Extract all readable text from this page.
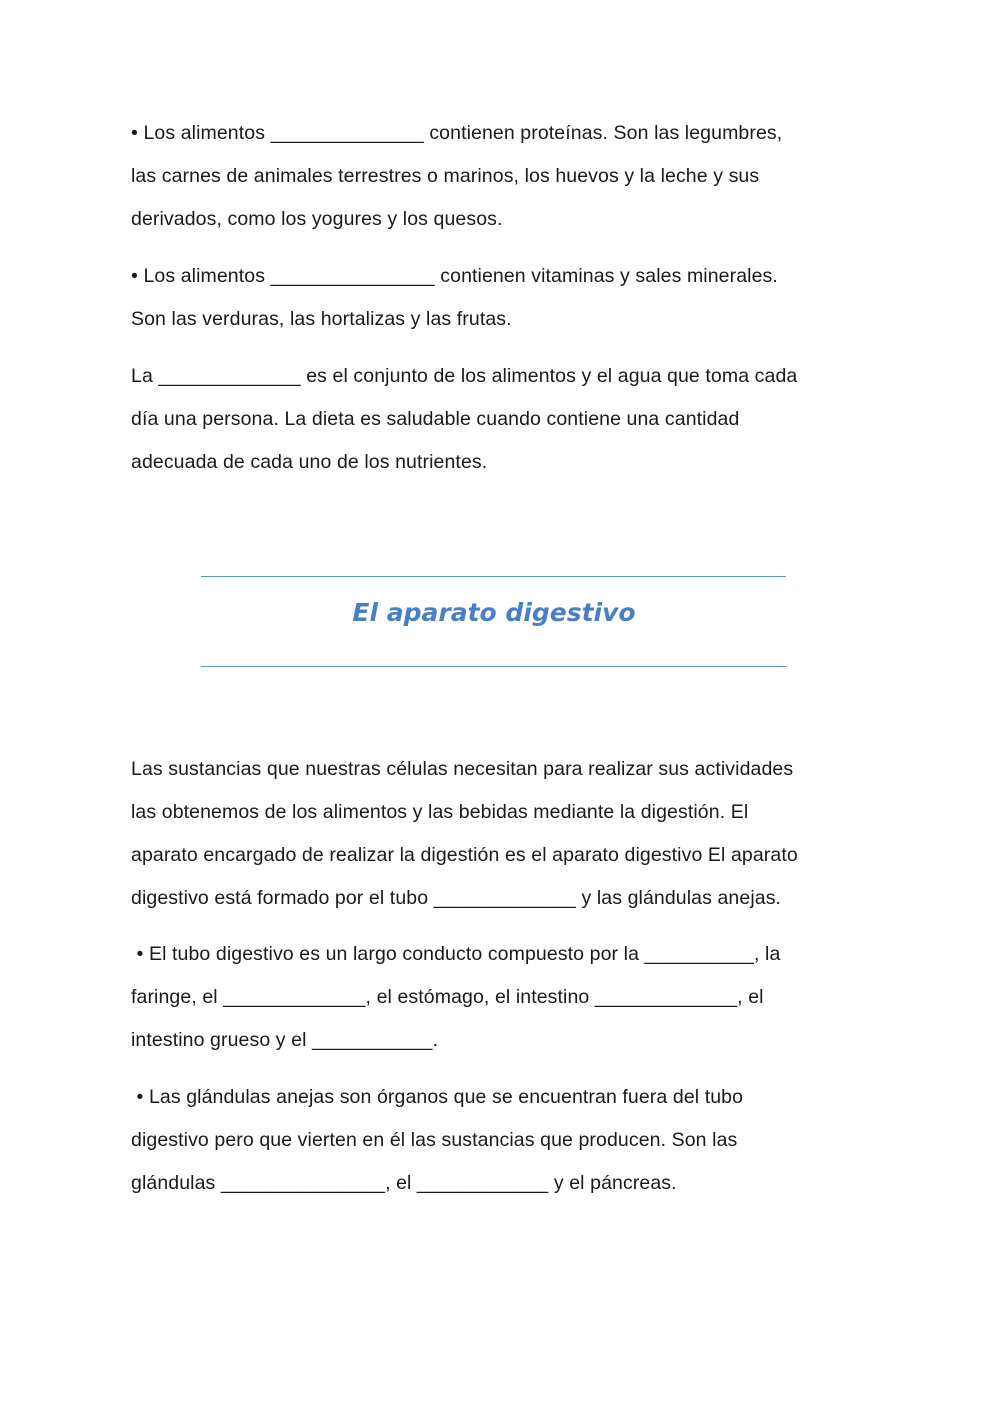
• Los alimentos ______________ contienen proteínas. Son las legumbres,
las carnes de animales terrestres o marinos, los huevos y la leche y sus
derivados, como los yogures y los quesos.

• Los alimentos _______________ contienen vitaminas y sales minerales.
Son las verduras, las hortalizas y las frutas.

La _____________ es el conjunto de los alimentos y el agua que toma cada
día una persona. La dieta es saludable cuando contiene una cantidad
adecuada de cada uno de los nutrientes.

El aparato digestivo

Las sustancias que nuestras células necesitan para realizar sus actividades
las obtenemos de los alimentos y las bebidas mediante la digestión. El
aparato encargado de realizar la digestión es el aparato digestivo El aparato
digestivo está formado por el tubo _____________ y las glándulas anejas.

• El tubo digestivo es un largo conducto compuesto por la __________, la
faringe, el _____________, el estómago, el intestino _____________, el
intestino grueso y el ___________.

• Las glándulas anejas son órganos que se encuentran fuera del tubo
digestivo pero que vierten en él las sustancias que producen. Son las
glándulas _______________, el ____________ y el páncreas.
